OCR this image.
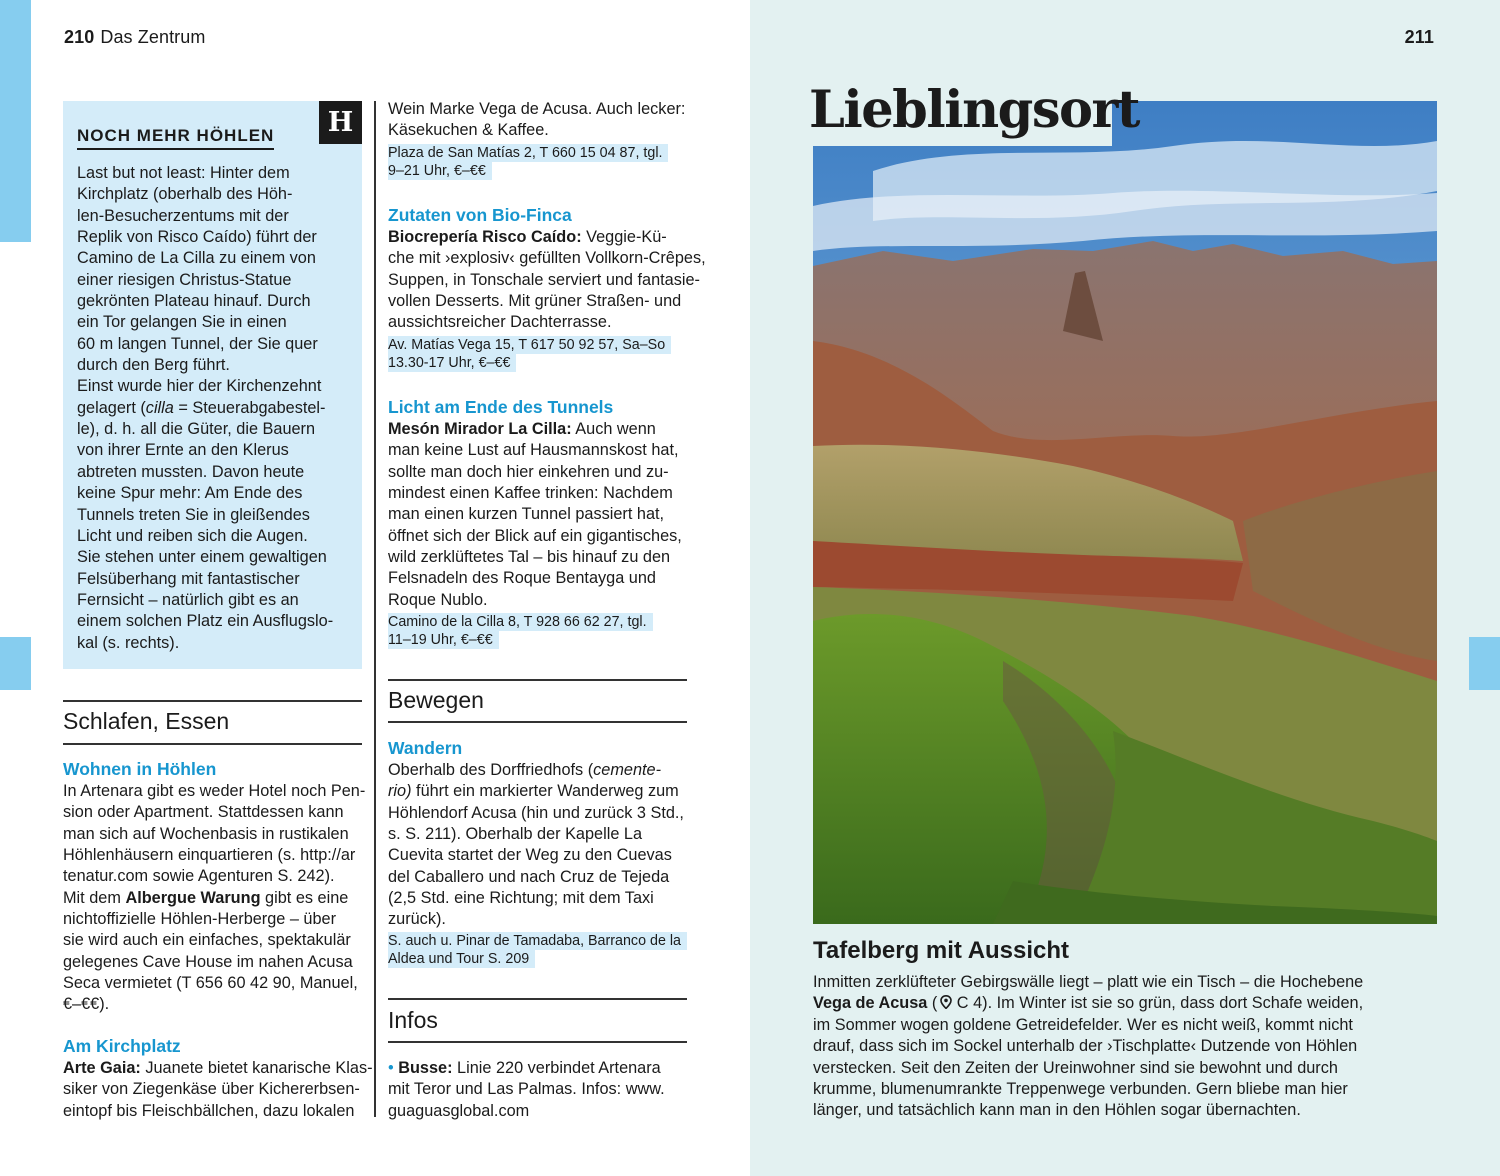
210 Das Zentrum	211
H
NOCH MEHR HÖHLEN
Last but not least: Hinter dem
Kirchplatz (oberhalb des Höh-
len-Besucherzentums mit der
Replik von Risco Caído) führt der
Camino de La Cilla zu einem von
einer riesigen Christus-Statue
gekrönten Plateau hinauf. Durch
ein Tor gelangen Sie in einen
60 m langen Tunnel, der Sie quer
durch den Berg führt.
Einst wurde hier der Kirchenzehnt
gelagert (cilla = Steuerabgabestel-
le), d. h. all die Güter, die Bauern
von ihrer Ernte an den Klerus
abtreten mussten. Davon heute
keine Spur mehr: Am Ende des
Tunnels treten Sie in gleißendes
Licht und reiben sich die Augen.
Sie stehen unter einem gewaltigen
Felsüberhang mit fantastischer
Fernsicht – natürlich gibt es an
einem solchen Platz ein Ausflugslo-
kal (s. rechts).
Schlafen, Essen
Wohnen in Höhlen
In Artenara gibt es weder Hotel noch Pen-
sion oder Apartment. Stattdessen kann
man sich auf Wochenbasis in rustikalen
Höhlenhäusern einquartieren (s. http://ar
tenatur.com sowie Agenturen S. 242).
Mit dem Albergue Warung gibt es eine
nichtoffizielle Höhlen-Herberge – über
sie wird auch ein einfaches, spektakulär
gelegenes Cave House im nahen Acusa
Seca vermietet (T 656 60 42 90, Manuel,
€–€€).
Am Kirchplatz
Arte Gaia: Juanete bietet kanarische Klas-
siker von Ziegenkäse über Kichererbsen-
eintopf bis Fleischbällchen, dazu lokalen
Wein Marke Vega de Acusa. Auch lecker:
Käsekuchen & Kaffee.
Plaza de San Matías 2, T 660 15 04 87, tgl.
9–21 Uhr, €–€€
Zutaten von Bio-Finca
Biocrepería Risco Caído: Veggie-Kü-
che mit ›explosiv‹ gefüllten Vollkorn-Crêpes,
Suppen, in Tonschale serviert und fantasie-
vollen Desserts. Mit grüner Straßen- und
aussichtsreicher Dachterrasse.
Av. Matías Vega 15, T 617 50 92 57, Sa–So
13.30-17 Uhr, €–€€
Licht am Ende des Tunnels
Mesón Mirador La Cilla: Auch wenn
man keine Lust auf Hausmannskost hat,
sollte man doch hier einkehren und zu-
mindest einen Kaffee trinken: Nachdem
man einen kurzen Tunnel passiert hat,
öffnet sich der Blick auf ein gigantisches,
wild zerklüftetes Tal – bis hinauf zu den
Felsnadeln des Roque Bentayga und
Roque Nublo.
Camino de la Cilla 8, T 928 66 62 27, tgl.
11–19 Uhr, €–€€
Bewegen
Wandern
Oberhalb des Dorffriedhofs (cemente-
rio) führt ein markierter Wanderweg zum
Höhlendorf Acusa (hin und zurück 3 Std.,
s. S. 211). Oberhalb der Kapelle La
Cuevita startet der Weg zu den Cuevas
del Caballero und nach Cruz de Tejeda
(2,5 Std. eine Richtung; mit dem Taxi
zurück).
S. auch u. Pinar de Tamadaba, Barranco de la
Aldea und Tour S. 209
Infos
• Busse: Linie 220 verbindet Artenara
mit Teror und Las Palmas. Infos: www.
guaguasglobal.com
Lieblingsort
Tafelberg mit Aussicht
Inmitten zerklüfteter Gebirgswälle liegt – platt wie ein Tisch – die Hochebene
Vega de Acusa ( C 4). Im Winter ist sie so grün, dass dort Schafe weiden,
im Sommer wogen goldene Getreidefelder. Wer es nicht weiß, kommt nicht
drauf, dass sich im Sockel unterhalb der ›Tischplatte‹ Dutzende von Höhlen
verstecken. Seit den Zeiten der Ureinwohner sind sie bewohnt und durch
krumme, blumenumrankte Treppenwege verbunden. Gern bliebe man hier
länger, und tatsächlich kann man in den Höhlen sogar übernachten.
